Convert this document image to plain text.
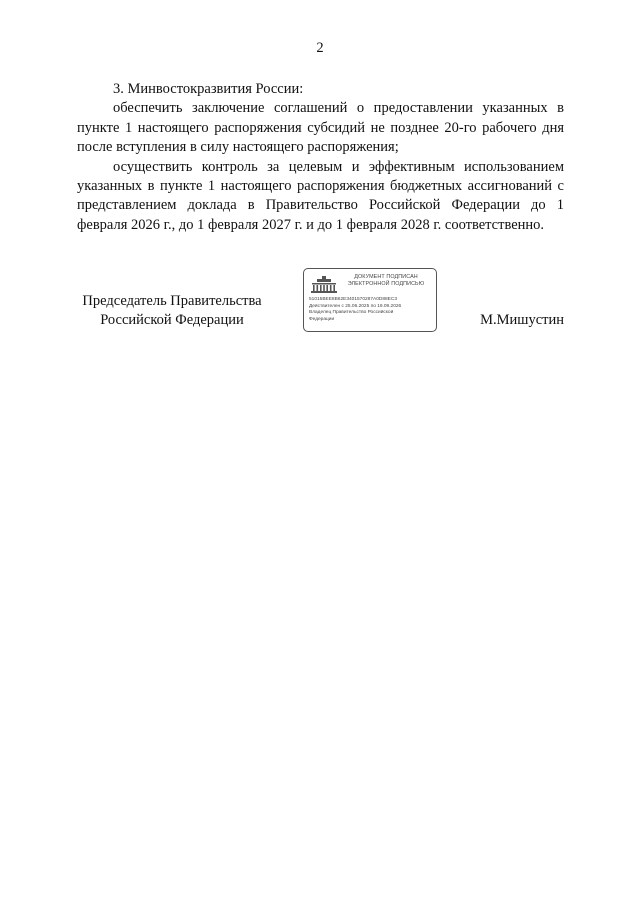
2

3. Минвостокразвития России:

обеспечить заключение соглашений о предоставлении указанных в пункте 1 настоящего распоряжения субсидий не позднее 20-го рабочего дня после вступления в силу настоящего распоряжения;

осуществить контроль за целевым и эффективным использованием указанных в пункте 1 настоящего распоряжения бюджетных ассигнований с представлением доклада в Правительство Российской Федерации до 1 февраля 2026 г., до 1 февраля 2027 г. и до 1 февраля 2028 г. соответственно.

Председатель Правительства
Российской Федерации
ДОКУМЕНТ ПОДПИСАН
ЭЛЕКТРОННОЙ ПОДПИСЬЮ
51015BEE8B62E3401570287A0D88EC3
Действителен с 25.06.2025 по 19.09.2026
Владелец Правительство Российской
Федерации	М.Мишустин
